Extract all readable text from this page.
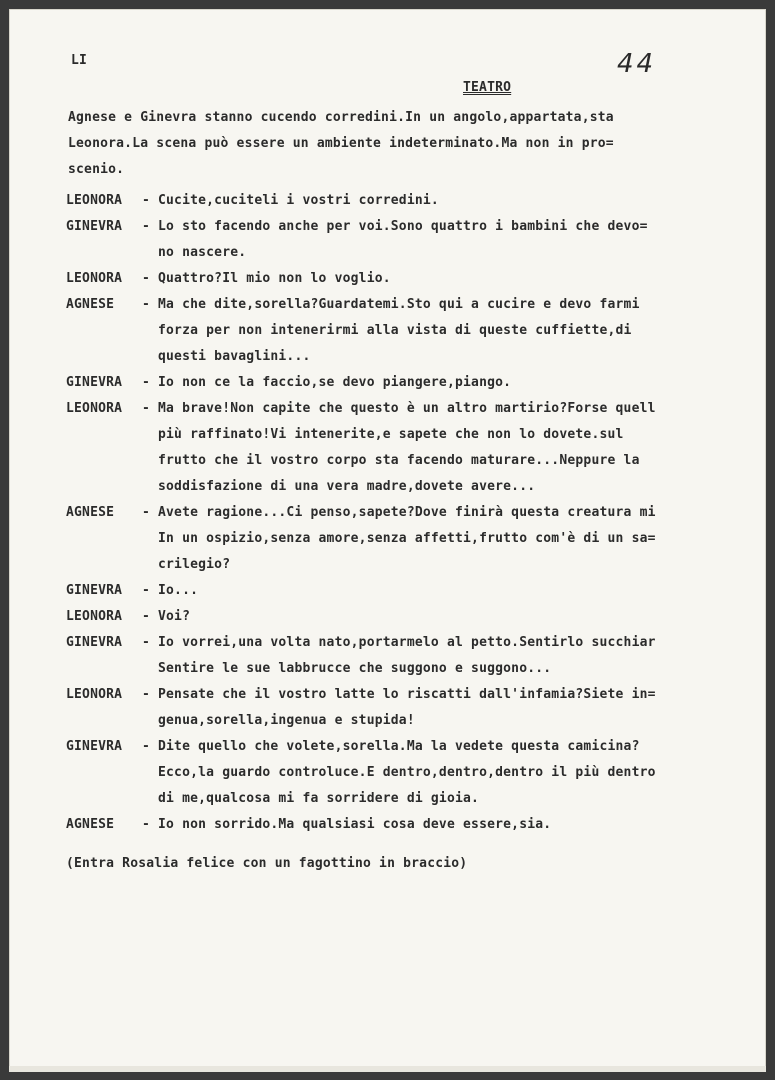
LI	44
TEATRO
Agnese e Ginevra stanno cucendo corredini.In un angolo,appartata,sta
Leonora.La scena può essere un ambiente indeterminato.Ma non in pro=
scenio.
LEONORA	- Cucite,cuciteli i vostri corredini.
GINEVRA	- Lo sto facendo anche per voi.Sono quattro i bambini che devo=
no nascere.
LEONORA	- Quattro?Il mio non lo voglio.
AGNESE	- Ma che dite,sorella?Guardatemi.Sto qui a cucire e devo farmi
forza per non intenerirmi alla vista di queste cuffiette,di
questi bavaglini...
GINEVRA	- Io non ce la faccio,se devo piangere,piango.
LEONORA	- Ma brave!Non capite che questo è un altro martirio?Forse quell
più raffinato!Vi intenerite,e sapete che non lo dovete.sul
frutto che il vostro corpo sta facendo maturare...Neppure la
soddisfazione di una vera madre,dovete avere...
AGNESE	- Avete ragione...Ci penso,sapete?Dove finirà questa creatura mi
In un ospizio,senza amore,senza affetti,frutto com'è di un sa=
crilegio?
GINEVRA	- Io...
LEONORA	- Voi?
GINEVRA	- Io vorrei,una volta nato,portarmelo al petto.Sentirlo succhiar
Sentire le sue labbrucce che suggono e suggono...
LEONORA	- Pensate che il vostro latte lo riscatti dall'infamia?Siete in=
genua,sorella,ingenua e stupida!
GINEVRA	- Dite quello che volete,sorella.Ma la vedete questa camicina?
Ecco,la guardo controluce.E dentro,dentro,dentro il più dentro
di me,qualcosa mi fa sorridere di gioia.
AGNESE	- Io non sorrido.Ma qualsiasi cosa deve essere,sia.
(Entra Rosalia felice con un fagottino in braccio)
